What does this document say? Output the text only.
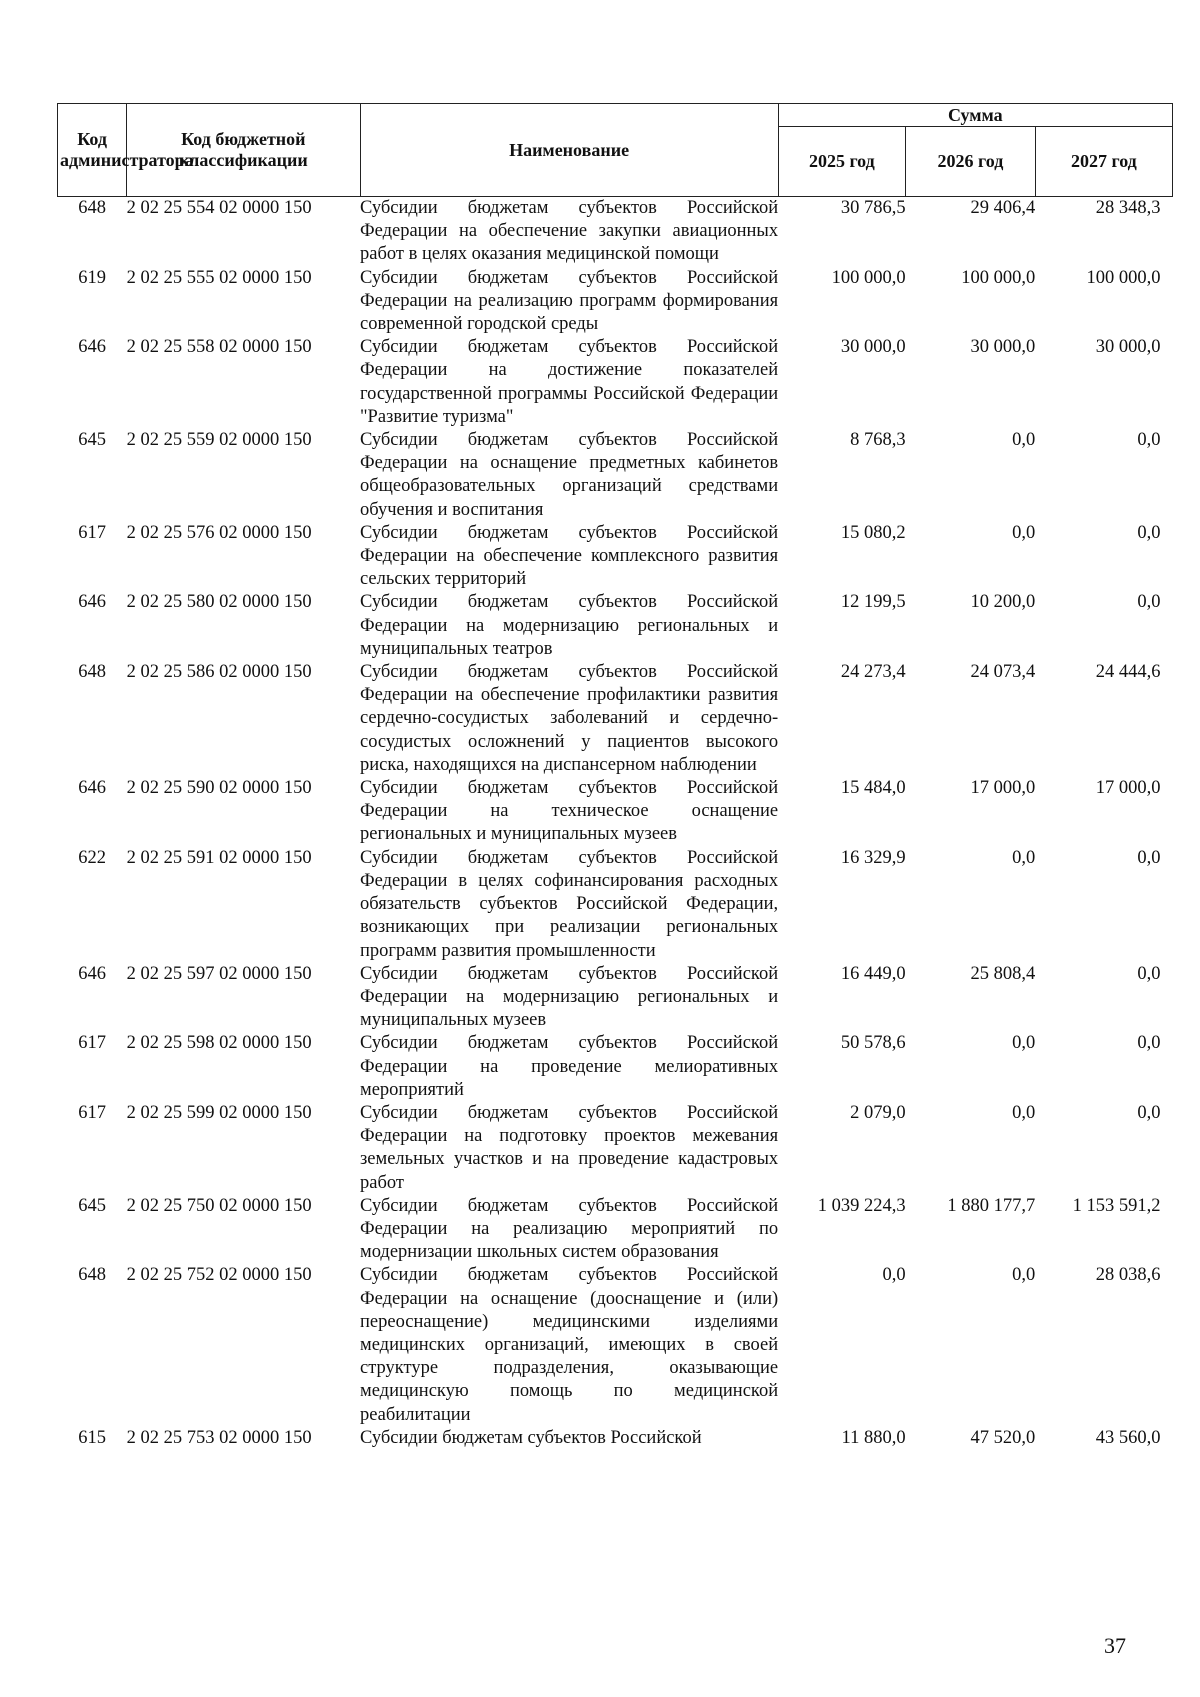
Код администратора	Код бюджетной классификации	Наименование	Сумма		
			2025 год	2026 год	2027 год
648	2 02 25 554 02 0000 150	Субсидии бюджетам субъектов Российской Федерации на обеспечение закупки авиационных работ в целях оказания медицинской помощи	30 786,5	29 406,4	28 348,3
619	2 02 25 555 02 0000 150	Субсидии бюджетам субъектов Российской Федерации на реализацию программ формирования современной городской среды	100 000,0	100 000,0	100 000,0
646	2 02 25 558 02 0000 150	Субсидии бюджетам субъектов Российской Федерации на достижение показателей государственной программы Российской Федерации "Развитие туризма"	30 000,0	30 000,0	30 000,0
645	2 02 25 559 02 0000 150	Субсидии бюджетам субъектов Российской Федерации на оснащение предметных кабинетов общеобразовательных организаций средствами обучения и воспитания	8 768,3	0,0	0,0
617	2 02 25 576 02 0000 150	Субсидии бюджетам субъектов Российской Федерации на обеспечение комплексного развития сельских территорий	15 080,2	0,0	0,0
646	2 02 25 580 02 0000 150	Субсидии бюджетам субъектов Российской Федерации на модернизацию региональных и муниципальных театров	12 199,5	10 200,0	0,0
648	2 02 25 586 02 0000 150	Субсидии бюджетам субъектов Российской Федерации на обеспечение профилактики развития сердечно-сосудистых заболеваний и сердечно-сосудистых осложнений у пациентов высокого риска, находящихся на диспансерном наблюдении	24 273,4	24 073,4	24 444,6
646	2 02 25 590 02 0000 150	Субсидии бюджетам субъектов Российской Федерации на техническое оснащение региональных и муниципальных музеев	15 484,0	17 000,0	17 000,0
622	2 02 25 591 02 0000 150	Субсидии бюджетам субъектов Российской Федерации в целях софинансирования расходных обязательств субъектов Российской Федерации, возникающих при реализации региональных программ развития промышленности	16 329,9	0,0	0,0
646	2 02 25 597 02 0000 150	Субсидии бюджетам субъектов Российской Федерации на модернизацию региональных и муниципальных музеев	16 449,0	25 808,4	0,0
617	2 02 25 598 02 0000 150	Субсидии бюджетам субъектов Российской Федерации на проведение мелиоративных мероприятий	50 578,6	0,0	0,0
617	2 02 25 599 02 0000 150	Субсидии бюджетам субъектов Российской Федерации на подготовку проектов межевания земельных участков и на проведение кадастровых работ	2 079,0	0,0	0,0
645	2 02 25 750 02 0000 150	Субсидии бюджетам субъектов Российской Федерации на реализацию мероприятий по модернизации школьных систем образования	1 039 224,3	1 880 177,7	1 153 591,2
648	2 02 25 752 02 0000 150	Субсидии бюджетам субъектов Российской Федерации на оснащение (дооснащение и (или) переоснащение) медицинскими изделиями медицинских организаций, имеющих в своей структуре подразделения, оказывающие медицинскую помощь по медицинской реабилитации	0,0	0,0	28 038,6
615	2 02 25 753 02 0000 150	Субсидии бюджетам субъектов Российской	11 880,0	47 520,0	43 560,0
37
